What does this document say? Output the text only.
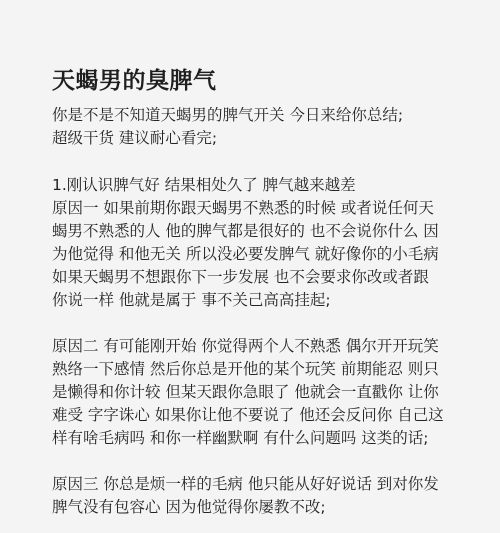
天蝎男的臭脾气
你是不是不知道天蝎男的脾气开关 今日来给你总结;
超级干货 建议耐心看完;
1.刚认识脾气好 结果相处久了 脾气越来越差
原因一 如果前期你跟天蝎男不熟悉的时候 或者说任何天
蝎男不熟悉的人 他的脾气都是很好的 也不会说你什么 因
为他觉得 和他无关 所以没必要发脾气 就好像你的小毛病
如果天蝎男不想跟你下一步发展 也不会要求你改或者跟
你说一样 他就是属于 事不关己高高挂起;
原因二 有可能刚开始 你觉得两个人不熟悉 偶尔开开玩笑
熟络一下感情 然后你总是开他的某个玩笑 前期能忍 则只
是懒得和你计较 但某天跟你急眼了 他就会一直戳你 让你
难受 字字诛心 如果你让他不要说了 他还会反问你 自己这
样有啥毛病吗 和你一样幽默啊 有什么问题吗 这类的话;
原因三 你总是烦一样的毛病 他只能从好好说话 到对你发
脾气没有包容心 因为他觉得你屡教不改;
